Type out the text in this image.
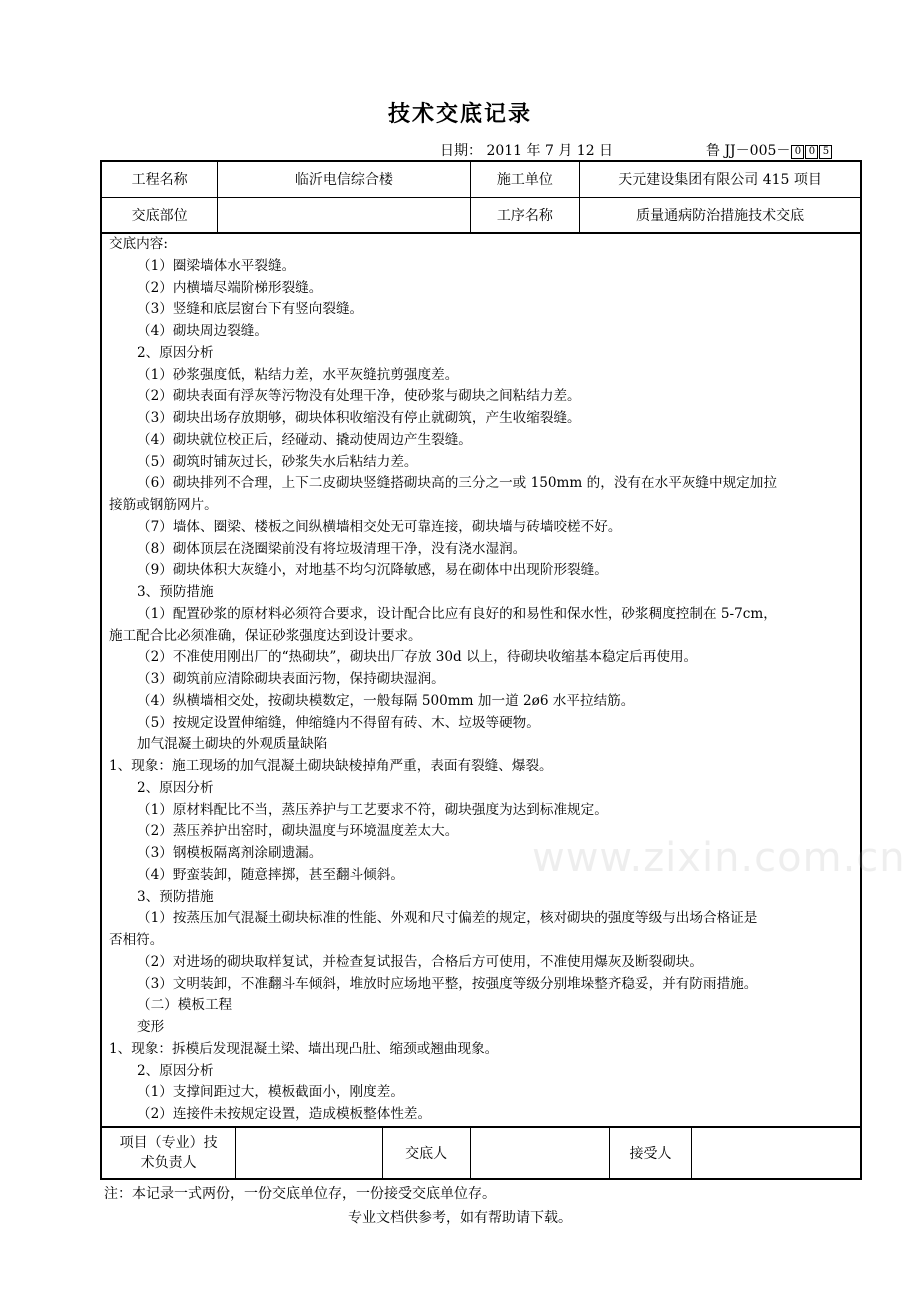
技术交底记录
日期： 2011 年 7 月 12 日	鲁 JJ－005－ 0 0 5
工程名称	临沂电信综合楼	施工单位	天元建设集团有限公司 415 项目
交底部位		工序名称	质量通病防治措施技术交底
www.zixin.com.cn
交底内容:
（1）圈梁墙体水平裂缝。
（2）内横墙尽端阶梯形裂缝。
（3）竖缝和底层窗台下有竖向裂缝。
（4）砌块周边裂缝。
2、原因分析
（1）砂浆强度低，粘结力差，水平灰缝抗剪强度差。
（2）砌块表面有浮灰等污物没有处理干净，使砂浆与砌块之间粘结力差。
（3）砌块出场存放期够，砌块体积收缩没有停止就砌筑，产生收缩裂缝。
（4）砌块就位校正后，经碰动、撬动使周边产生裂缝。
（5）砌筑时铺灰过长，砂浆失水后粘结力差。
（6）砌块排列不合理，上下二皮砌块竖缝搭砌块高的三分之一或 150mm 的，没有在水平灰缝中规定加拉
接筋或钢筋网片。
（7）墙体、圈梁、楼板之间纵横墙相交处无可靠连接，砌块墙与砖墙咬槎不好。
（8）砌体顶层在浇圈梁前没有将垃圾清理干净，没有浇水湿润。
（9）砌块体积大灰缝小，对地基不均匀沉降敏感，易在砌体中出现阶形裂缝。
3、预防措施
（1）配置砂浆的原材料必须符合要求，设计配合比应有良好的和易性和保水性，砂浆稠度控制在 5-7cm，
施工配合比必须准确，保证砂浆强度达到设计要求。
（2）不准使用刚出厂的“热砌块”，砌块出厂存放 30d 以上，待砌块收缩基本稳定后再使用。
（3）砌筑前应清除砌块表面污物，保持砌块湿润。
（4）纵横墙相交处，按砌块模数定，一般每隔 500mm 加一道 2ø6 水平拉结筋。
（5）按规定设置伸缩缝，伸缩缝内不得留有砖、木、垃圾等硬物。
加气混凝土砌块的外观质量缺陷
1、现象：施工现场的加气混凝土砌块缺棱掉角严重，表面有裂缝、爆裂。
2、原因分析
（1）原材料配比不当，蒸压养护与工艺要求不符，砌块强度为达到标准规定。
（2）蒸压养护出窑时，砌块温度与环境温度差太大。
（3）钢模板隔离剂涂刷遗漏。
（4）野蛮装卸，随意摔掷，甚至翻斗倾斜。
3、预防措施
（1）按蒸压加气混凝土砌块标准的性能、外观和尺寸偏差的规定，核对砌块的强度等级与出场合格证是
否相符。
（2）对进场的砌块取样复试，并检查复试报告，合格后方可使用，不准使用爆灰及断裂砌块。
（3）文明装卸，不准翻斗车倾斜，堆放时应场地平整，按强度等级分别堆垛整齐稳妥，并有防雨措施。
（二）模板工程
变形
1、现象：拆模后发现混凝土梁、墙出现凸肚、缩颈或翘曲现象。
2、原因分析
（1）支撑间距过大，模板截面小，刚度差。
（2）连接件未按规定设置，造成模板整体性差。
项目（专业）技
术负责人
		交底人		接受人	
注：本记录一式两份，一份交底单位存，一份接受交底单位存。
专业文档供参考，如有帮助请下载。
